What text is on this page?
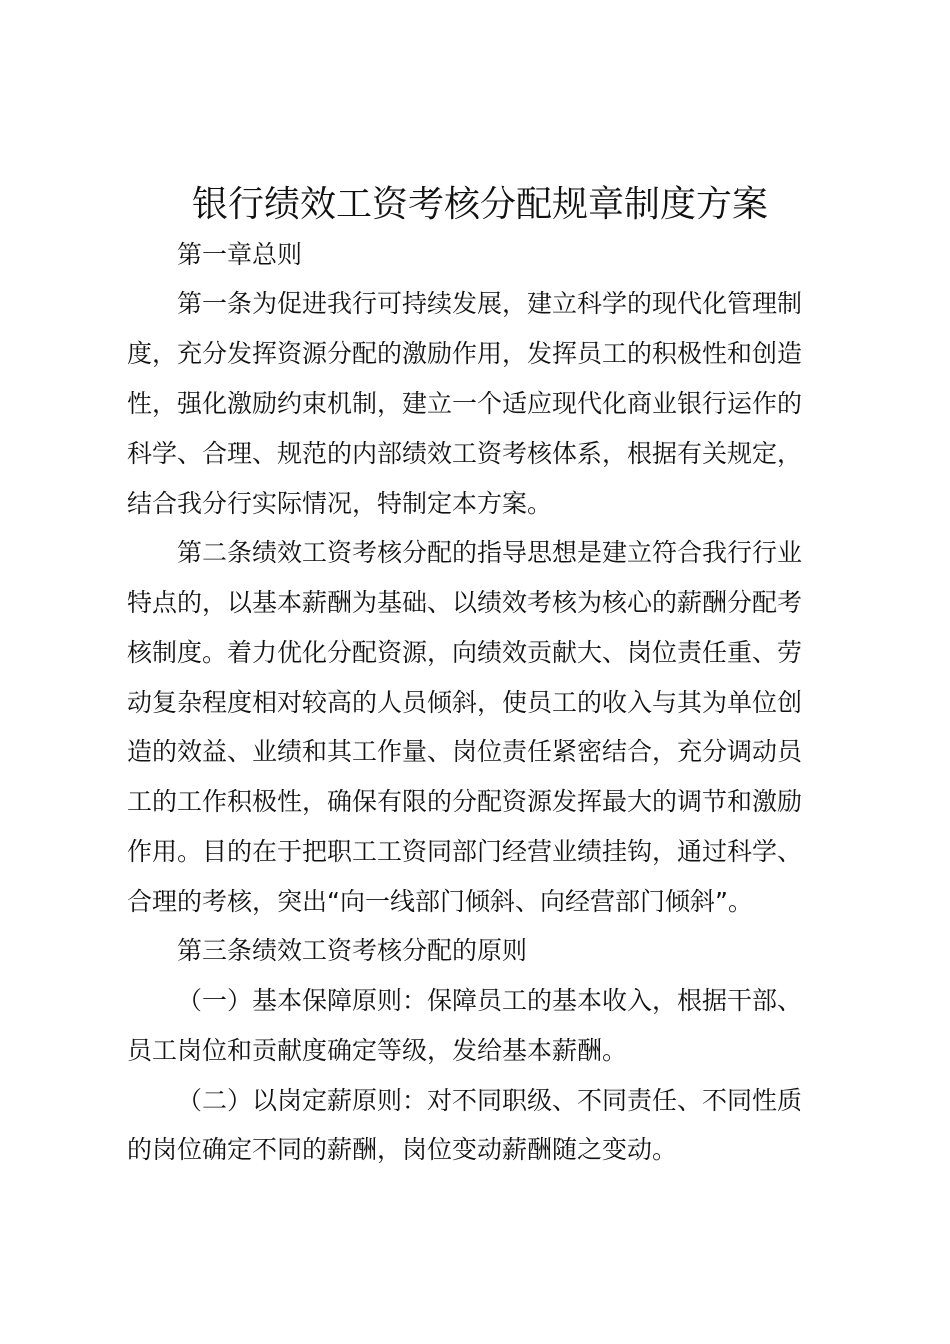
银行绩效工资考核分配规章制度方案
第一章总则
第一条为促进我行可持续发展，建立科学的现代化管理制
度，充分发挥资源分配的激励作用，发挥员工的积极性和创造
性，强化激励约束机制，建立一个适应现代化商业银行运作的
科学、合理、规范的内部绩效工资考核体系，根据有关规定，
结合我分行实际情况，特制定本方案。
第二条绩效工资考核分配的指导思想是建立符合我行行业
特点的，以基本薪酬为基础、以绩效考核为核心的薪酬分配考
核制度。着力优化分配资源，向绩效贡献大、岗位责任重、劳
动复杂程度相对较高的人员倾斜，使员工的收入与其为单位创
造的效益、业绩和其工作量、岗位责任紧密结合，充分调动员
工的工作积极性，确保有限的分配资源发挥最大的调节和激励
作用。目的在于把职工工资同部门经营业绩挂钩，通过科学、
合理的考核，突出“向一线部门倾斜、向经营部门倾斜”。
第三条绩效工资考核分配的原则
（一）基本保障原则：保障员工的基本收入，根据干部、
员工岗位和贡献度确定等级，发给基本薪酬。
（二）以岗定薪原则：对不同职级、不同责任、不同性质
的岗位确定不同的薪酬，岗位变动薪酬随之变动。
